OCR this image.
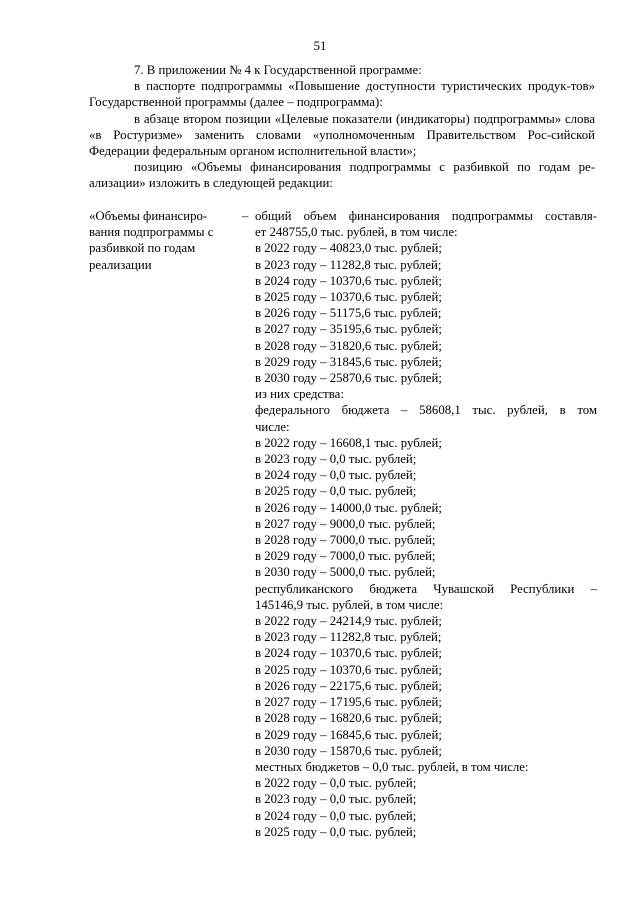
51

7. В приложении № 4 к Государственной программе:

в паспорте подпрограммы «Повышение доступности туристических продук-тов» Государственной программы (далее – подпрограмма):

в абзаце втором позиции «Целевые показатели (индикаторы) подпрограммы» слова «в Ростуризме» заменить словами «уполномоченным Правительством Рос-сийской Федерации федеральным органом исполнительной власти»;

позицию «Объемы финансирования подпрограммы с разбивкой по годам ре-ализации» изложить в следующей редакции:

«Объемы финансиро-
вания подпрограммы с
разбивкой по годам
реализации
– общий объем финансирования подпрограммы составля-
ет 248755,0 тыс. рублей, в том числе:
в 2022 году – 40823,0 тыс. рублей;
в 2023 году – 11282,8 тыс. рублей;
в 2024 году – 10370,6 тыс. рублей;
в 2025 году – 10370,6 тыс. рублей;
в 2026 году – 51175,6 тыс. рублей;
в 2027 году – 35195,6 тыс. рублей;
в 2028 году – 31820,6 тыс. рублей;
в 2029 году – 31845,6 тыс. рублей;
в 2030 году – 25870,6 тыс. рублей;
из них средства:
федерального бюджета – 58608,1 тыс. рублей, в том
числе:
в 2022 году – 16608,1 тыс. рублей;
в 2023 году – 0,0 тыс. рублей;
в 2024 году – 0,0 тыс. рублей;
в 2025 году – 0,0 тыс. рублей;
в 2026 году – 14000,0 тыс. рублей;
в 2027 году – 9000,0 тыс. рублей;
в 2028 году – 7000,0 тыс. рублей;
в 2029 году – 7000,0 тыс. рублей;
в 2030 году – 5000,0 тыс. рублей;
республиканского бюджета Чувашской Республики –
145146,9 тыс. рублей, в том числе:
в 2022 году – 24214,9 тыс. рублей;
в 2023 году – 11282,8 тыс. рублей;
в 2024 году – 10370,6 тыс. рублей;
в 2025 году – 10370,6 тыс. рублей;
в 2026 году – 22175,6 тыс. рублей;
в 2027 году – 17195,6 тыс. рублей;
в 2028 году – 16820,6 тыс. рублей;
в 2029 году – 16845,6 тыс. рублей;
в 2030 году – 15870,6 тыс. рублей;
местных бюджетов – 0,0 тыс. рублей, в том числе:
в 2022 году – 0,0 тыс. рублей;
в 2023 году – 0,0 тыс. рублей;
в 2024 году – 0,0 тыс. рублей;
в 2025 году – 0,0 тыс. рублей;
